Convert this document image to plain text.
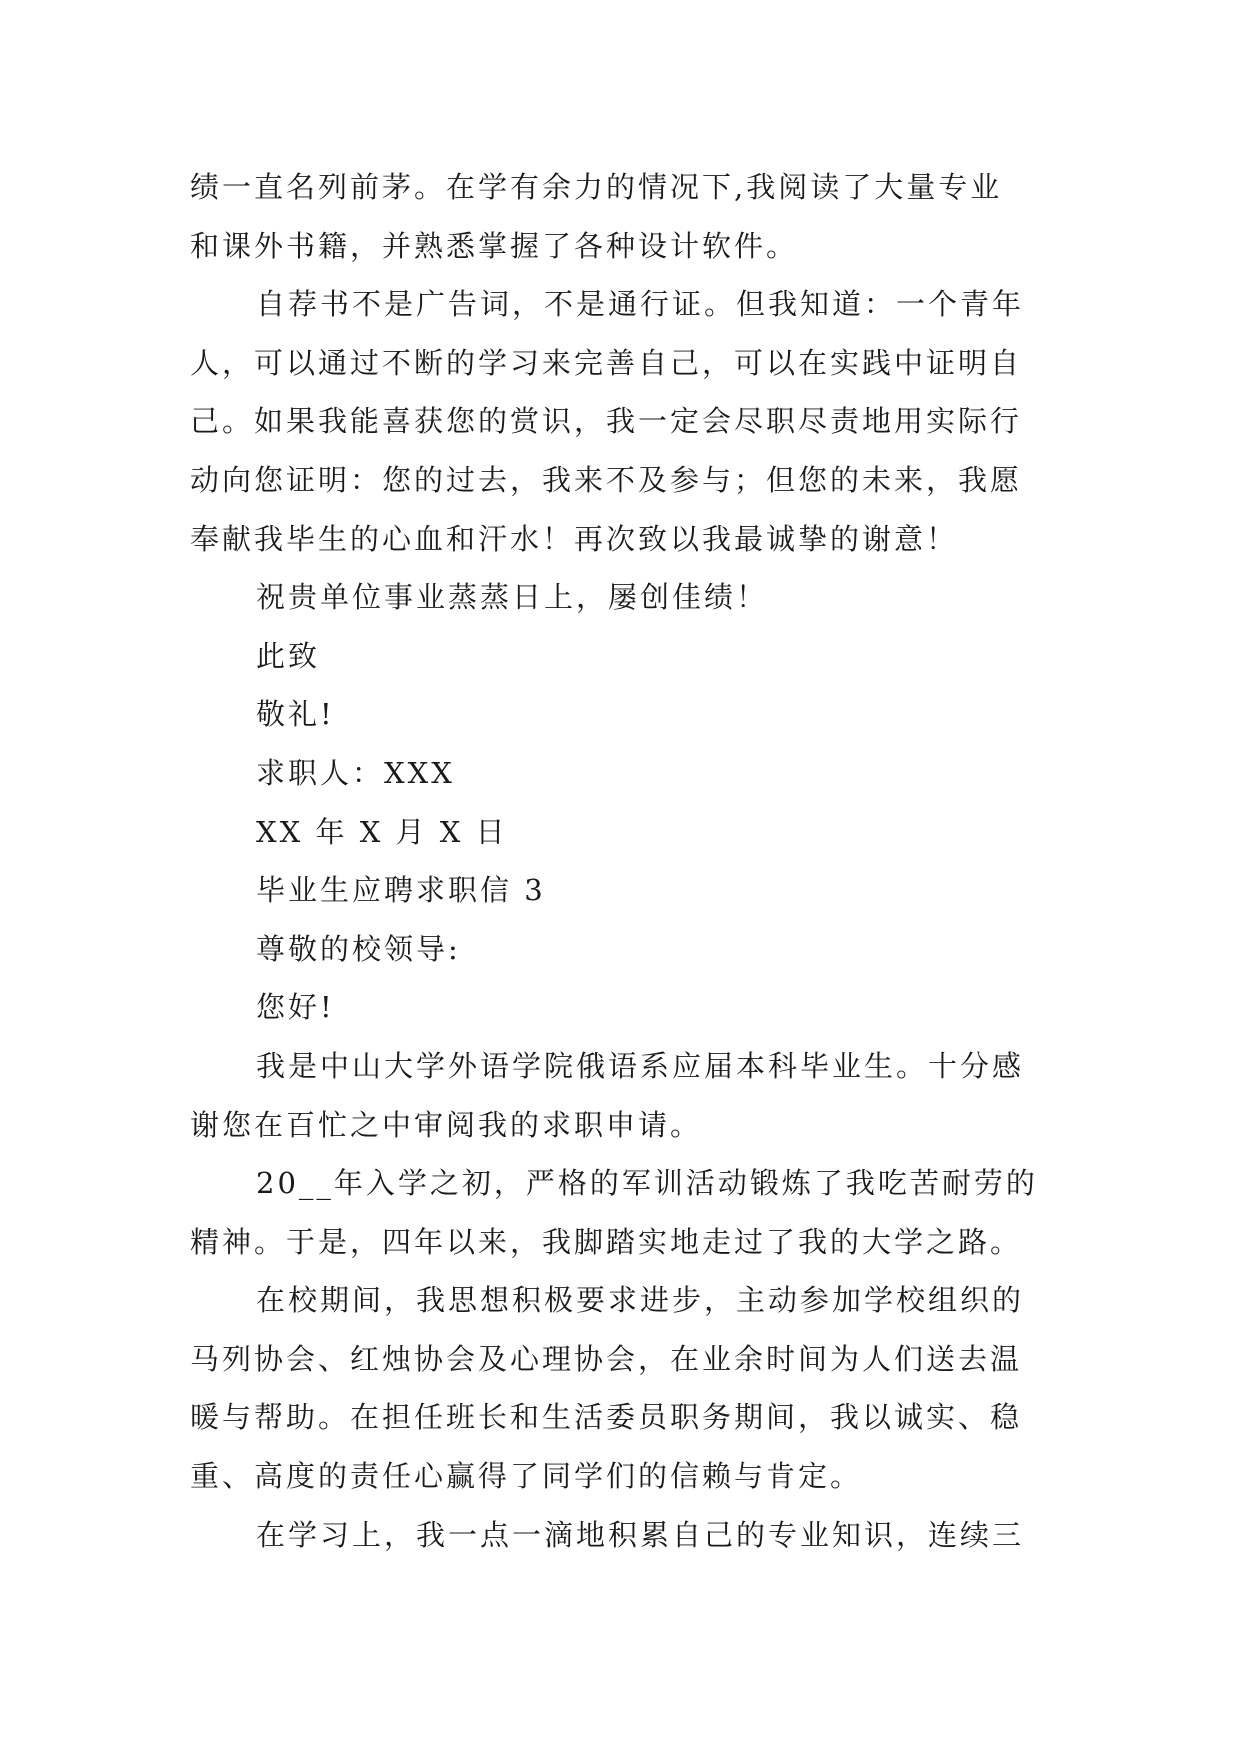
绩一直名列前茅。在学有余力的情况下,我阅读了大量专业
和课外书籍，并熟悉掌握了各种设计软件。
自荐书不是广告词，不是通行证。但我知道：一个青年
人，可以通过不断的学习来完善自己，可以在实践中证明自
己。如果我能喜获您的赏识，我一定会尽职尽责地用实际行
动向您证明：您的过去，我来不及参与；但您的未来，我愿
奉献我毕生的心血和汗水！再次致以我最诚挚的谢意！
祝贵单位事业蒸蒸日上，屡创佳绩！
此致
敬礼!
求职人：XXX
XX 年 X 月 X 日
毕业生应聘求职信 3
尊敬的校领导:
您好!
我是中山大学外语学院俄语系应届本科毕业生。十分感
谢您在百忙之中审阅我的求职申请。
20__年入学之初，严格的军训活动锻炼了我吃苦耐劳的
精神。于是，四年以来，我脚踏实地走过了我的大学之路。
在校期间，我思想积极要求进步，主动参加学校组织的
马列协会、红烛协会及心理协会，在业余时间为人们送去温
暖与帮助。在担任班长和生活委员职务期间，我以诚实、稳
重、高度的责任心赢得了同学们的信赖与肯定。
在学习上，我一点一滴地积累自己的专业知识，连续三
